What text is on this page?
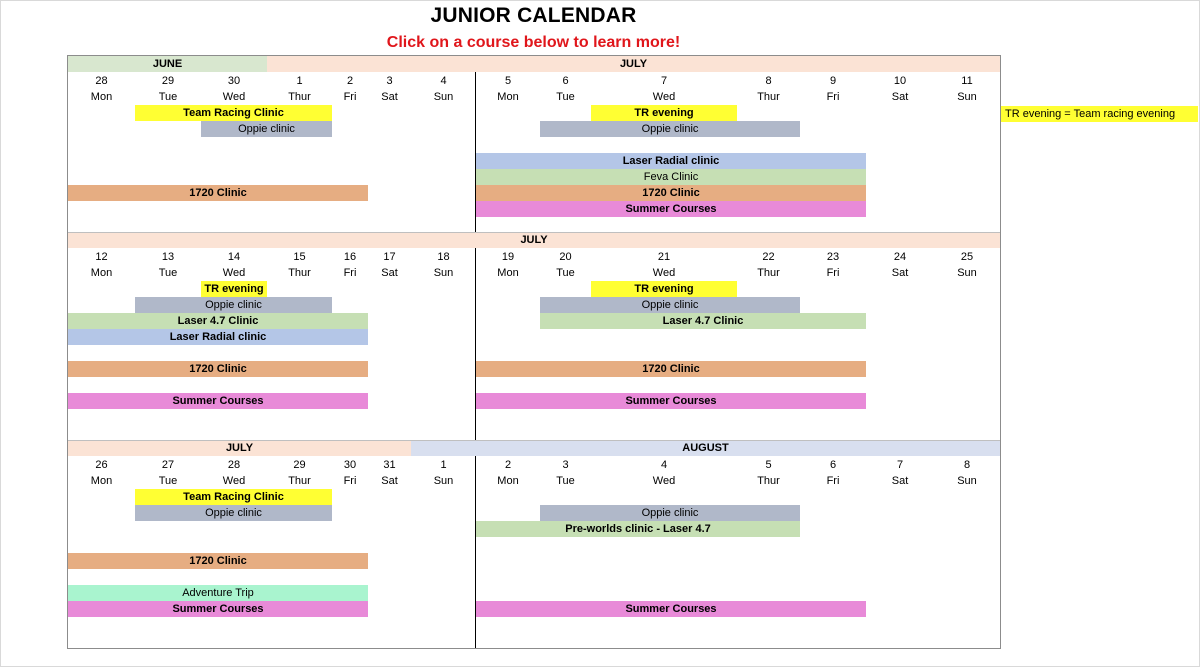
JUNIOR CALENDAR
Click on a course below to learn more!
TR evening = Team racing evening
JUNE	JULY
28
Mon
29
Tue
30
Wed
1
Thur
2
Fri
3
Sat
4
Sun
5
Mon
6
Tue
7
Wed
8
Thur
9
Fri
10
Sat
11
Sun
Team Racing Clinic
Oppie clinic
1720 Clinic
TR evening
Oppie clinic
Laser Radial clinic
Feva Clinic
1720 Clinic
Summer Courses
JULY
12
Mon
13
Tue
14
Wed
15
Thur
16
Fri
17
Sat
18
Sun
19
Mon
20
Tue
21
Wed
22
Thur
23
Fri
24
Sat
25
Sun
TR evening
Oppie clinic
Laser 4.7 Clinic
Laser Radial clinic
1720 Clinic
Summer Courses
TR evening
Oppie clinic
Laser 4.7 Clinic
1720 Clinic
Summer Courses
JULY	AUGUST
26
Mon
27
Tue
28
Wed
29
Thur
30
Fri
31
Sat
1
Sun
2
Mon
3
Tue
4
Wed
5
Thur
6
Fri
7
Sat
8
Sun
Team Racing Clinic
Oppie clinic
1720 Clinic
Adventure Trip
Summer Courses
Oppie clinic
Pre-worlds clinic - Laser 4.7
Summer Courses
